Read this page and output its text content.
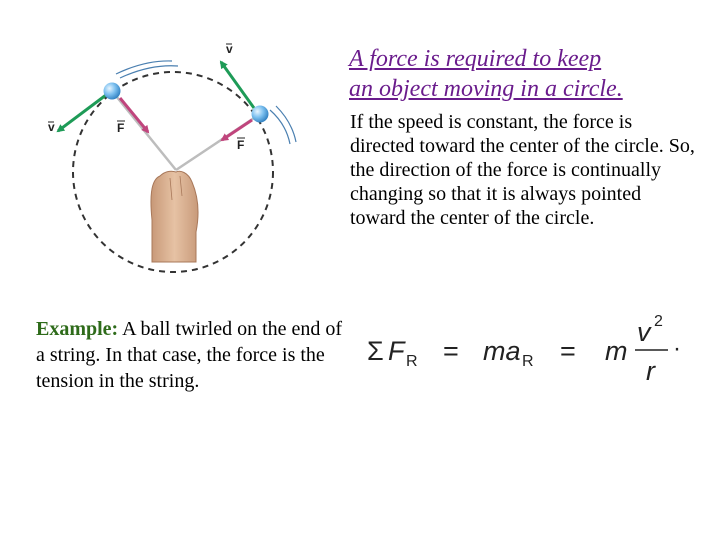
v
v	F
F
A force is required to keep
an object moving in a circle.
If the speed is constant, the force is directed toward the center of the circle. So, the direction of the force is continually changing so that it is always pointed toward the center of the circle.
Example: A ball twirled on the end of a string. In that case, the force is the tension in the string.
Σ F R = ma R = m
v 2
r
·
